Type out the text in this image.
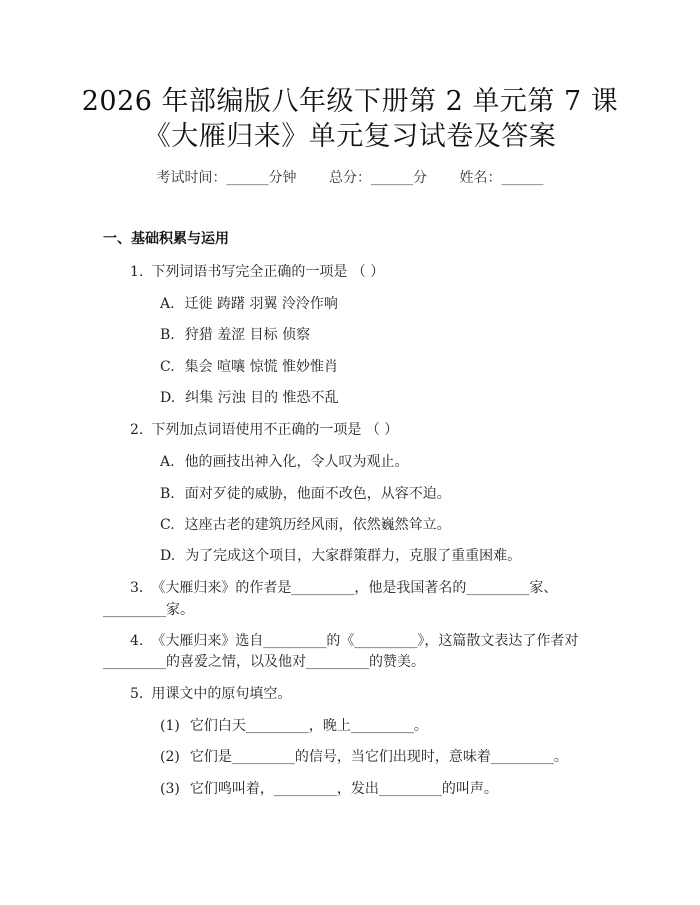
2026 年部编版八年级下册第 2 单元第 7 课
《大雁归来》单元复习试卷及答案
考试时间：______分钟 总分：______分 姓名：______
一、基础积累与运用
1. 下列词语书写完全正确的一项是 （ ）
A. 迁徙 踌躇 羽翼 泠泠作响
B. 狩猎 羞涩 目标 侦察
C. 集会 喧嚷 惊慌 惟妙惟肖
D. 纠集 污浊 目的 惟恐不乱
2. 下列加点词语使用不正确的一项是 （ ）
A. 他的画技出神入化，令人叹为观止。
B. 面对歹徒的威胁，他面不改色，从容不迫。
C. 这座古老的建筑历经风雨，依然巍然耸立。
D. 为了完成这个项目，大家群策群力，克服了重重困难。
3. 《大雁归来》的作者是_________，他是我国著名的_________家、
_________家。
4. 《大雁归来》选自_________的《_________》，这篇散文表达了作者对
_________的喜爱之情，以及他对_________的赞美。
5. 用课文中的原句填空。
(1) 它们白天_________，晚上_________。
(2) 它们是_________的信号，当它们出现时，意味着_________。
(3) 它们鸣叫着，_________，发出_________的叫声。
